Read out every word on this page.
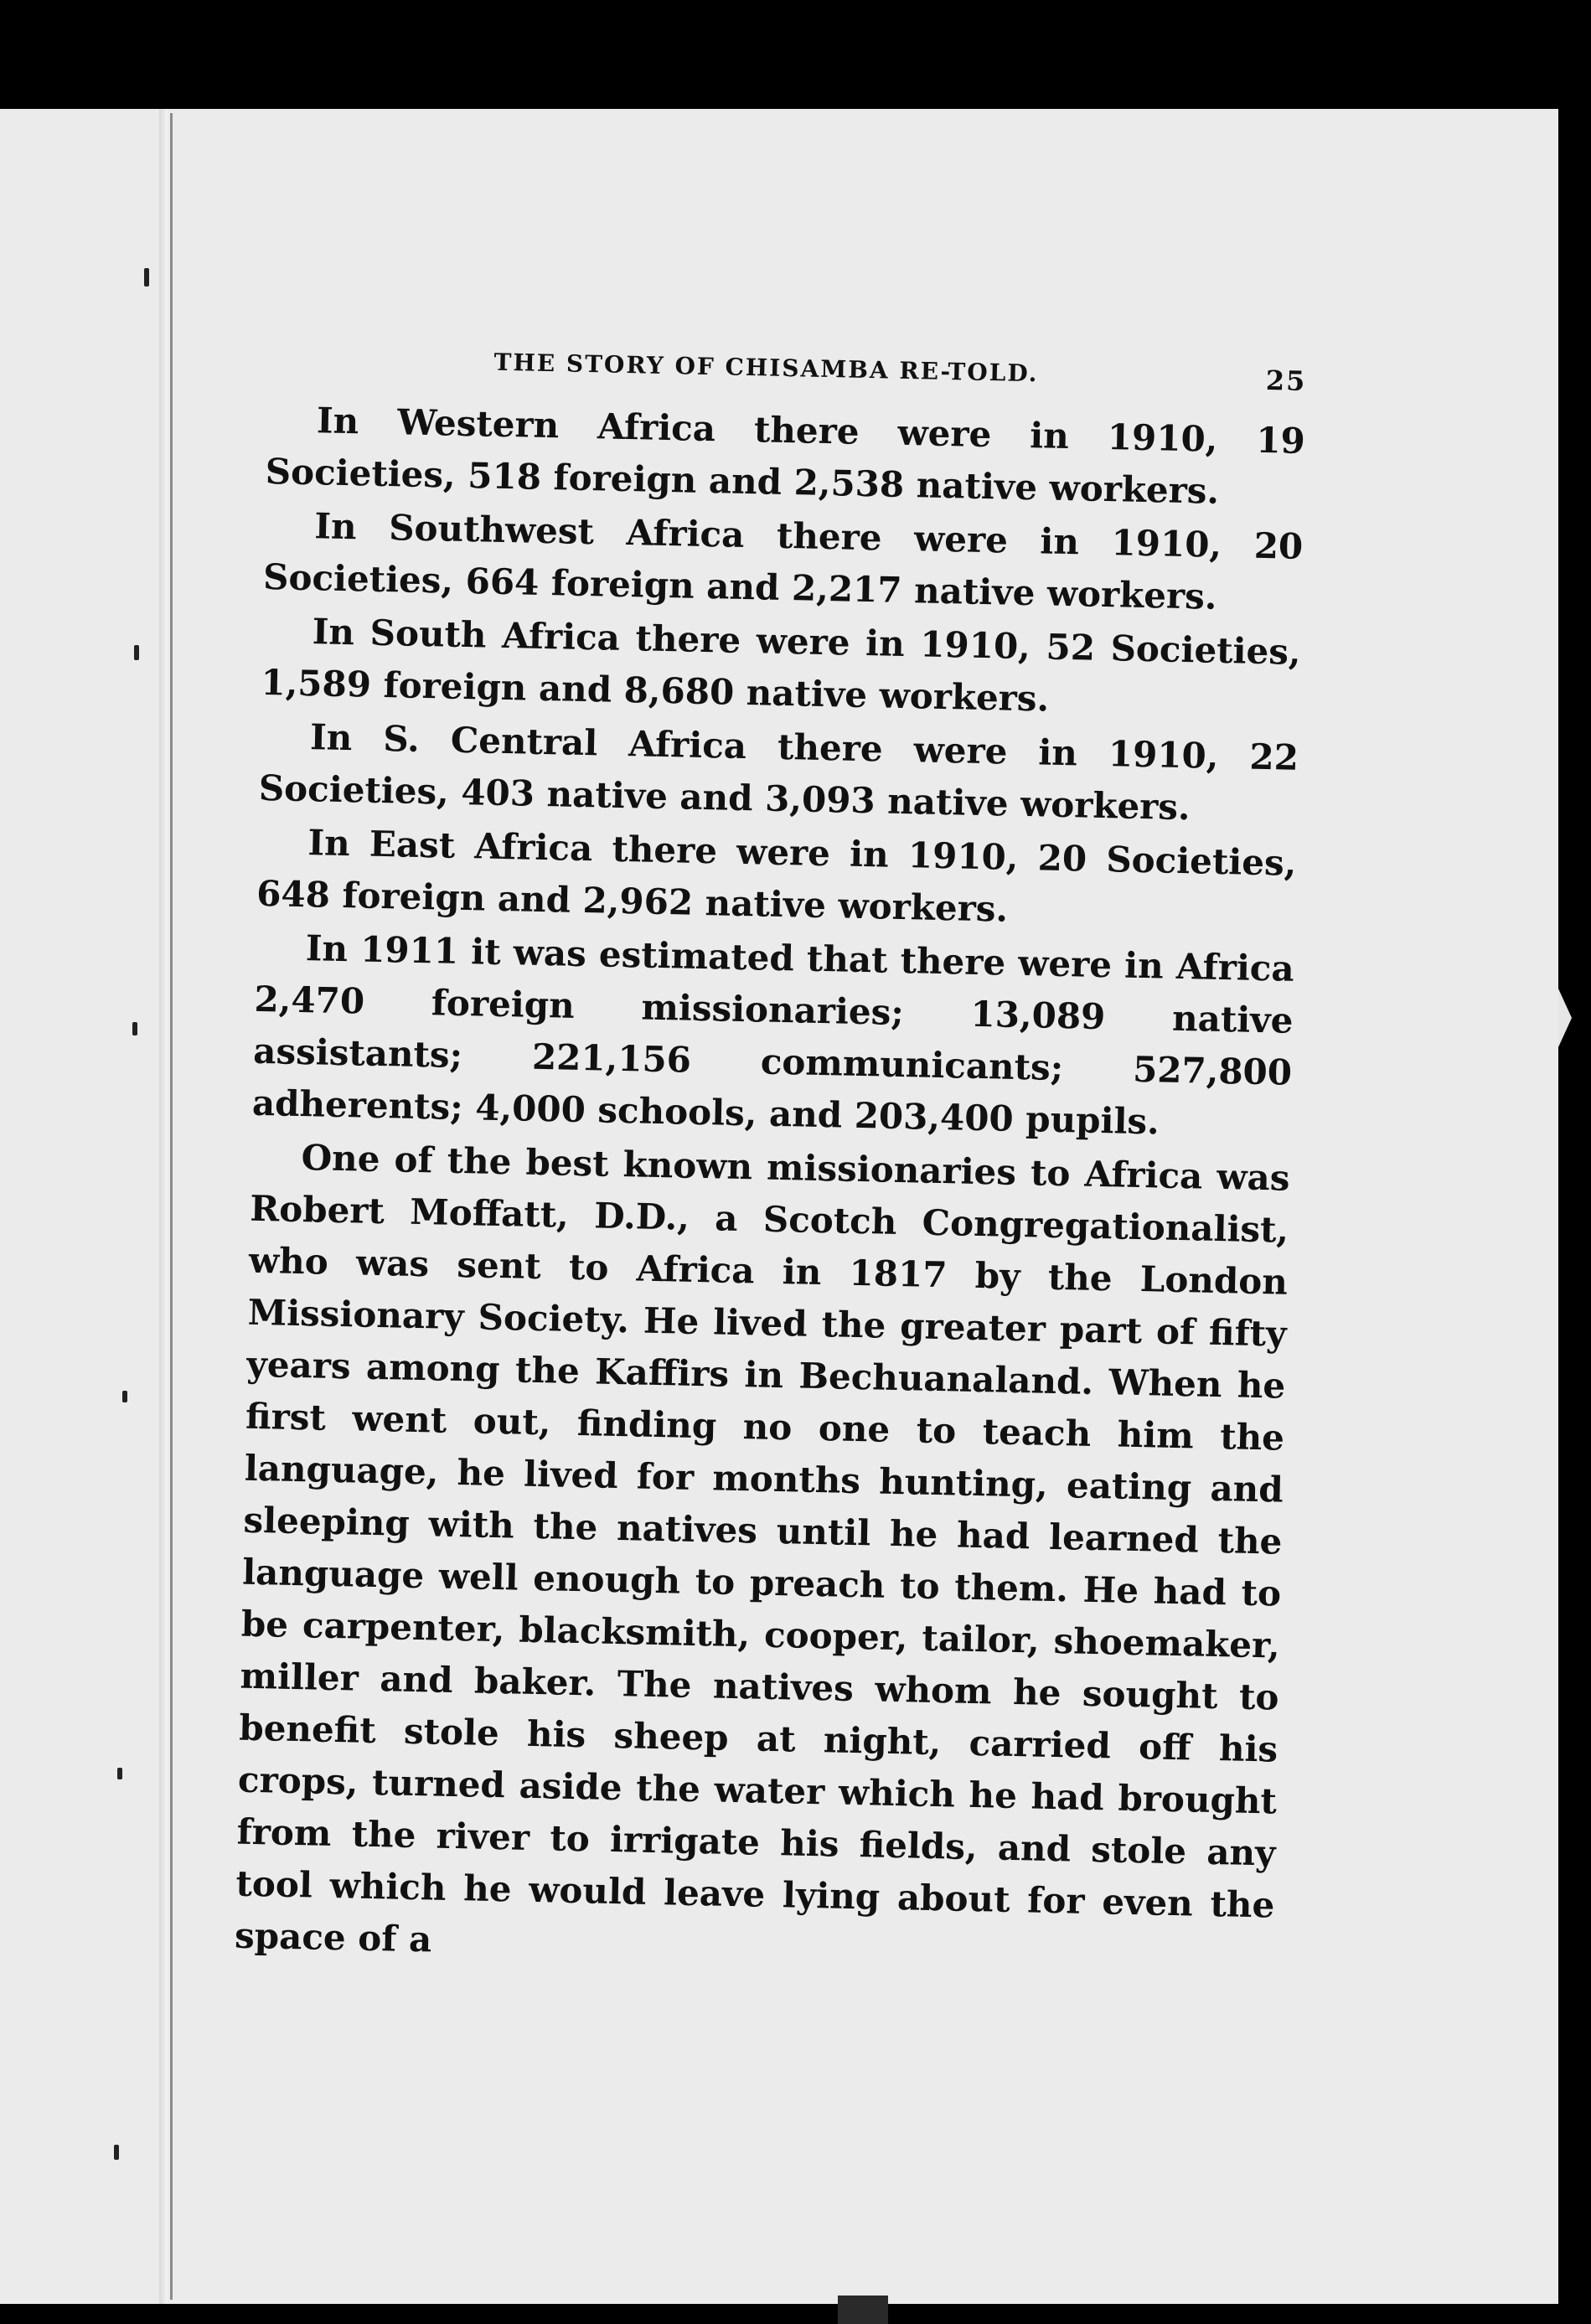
THE STORY OF CHISAMBA RE-TOLD.	25

In Western Africa there were in 1910, 19 Societies, 518 foreign and 2,538 native workers.

In Southwest Africa there were in 1910, 20 Societies, 664 foreign and 2,217 native workers.

In South Africa there were in 1910, 52 Societies, 1,589 foreign and 8,680 native workers.

In S. Central Africa there were in 1910, 22 Societies, 403 native and 3,093 native workers.

In East Africa there were in 1910, 20 Societies, 648 foreign and 2,962 native workers.

In 1911 it was estimated that there were in Africa 2,470 foreign missionaries; 13,089 native assistants; 221,156 communicants; 527,800 adherents; 4,000 schools, and 203,400 pupils.

One of the best known missionaries to Africa was Robert Moffatt, D.D., a Scotch Congregationalist, who was sent to Africa in 1817 by the London Missionary Society. He lived the greater part of fifty years among the Kaffirs in Bechuanaland. When he first went out, finding no one to teach him the language, he lived for months hunting, eating and sleeping with the natives until he had learned the language well enough to preach to them. He had to be carpenter, blacksmith, cooper, tailor, shoemaker, miller and baker. The natives whom he sought to benefit stole his sheep at night, carried off his crops, turned aside the water which he had brought from the river to irrigate his fields, and stole any tool which he would leave lying about for even the space of a
